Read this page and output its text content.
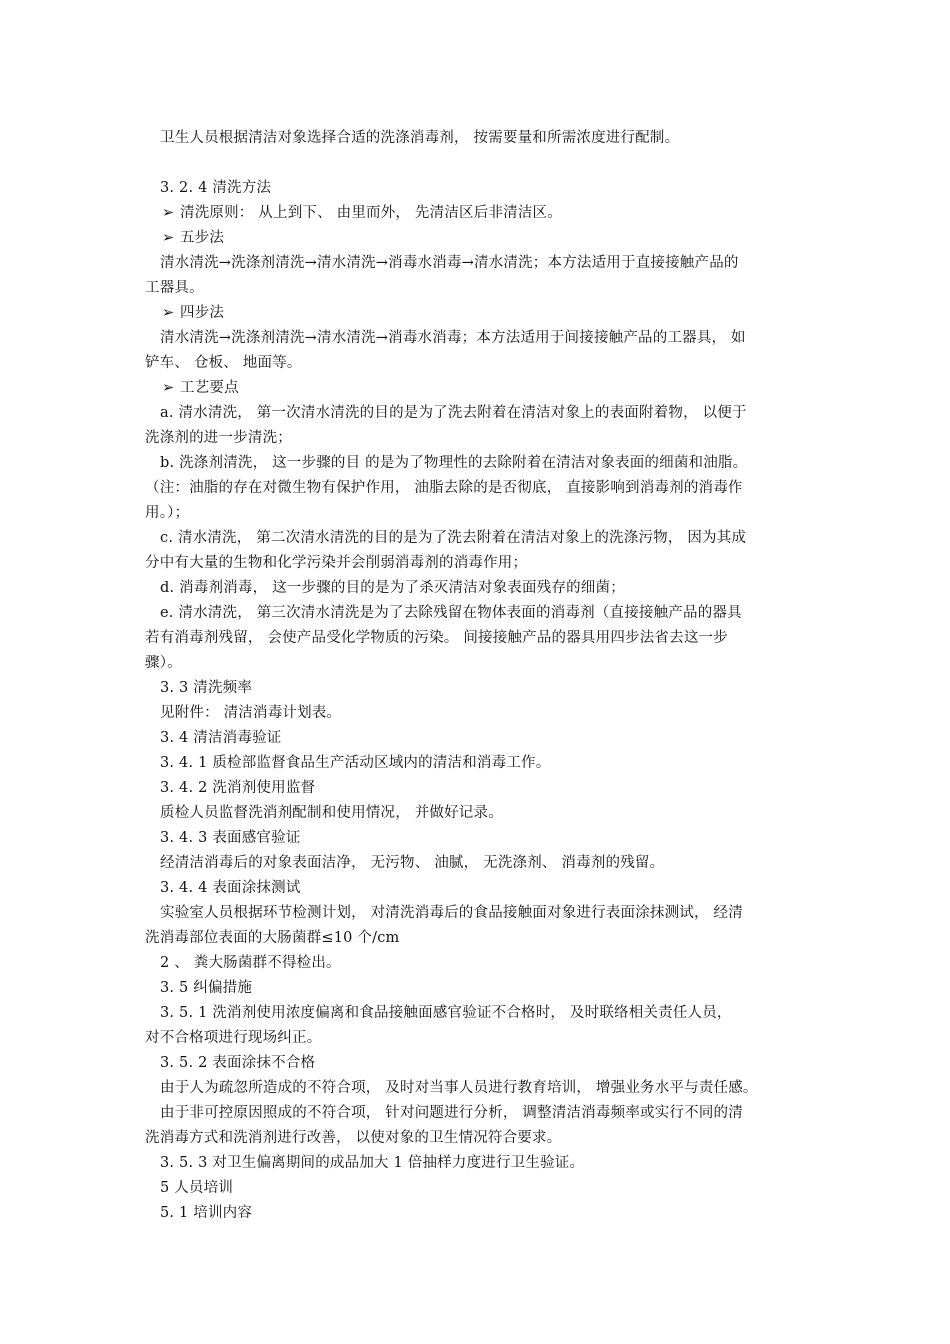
卫生人员根据清洁对象选择合适的洗涤消毒剂， 按需要量和所需浓度进行配制。
3. 2. 4 清洗方法
➢ 清洗原则： 从上到下、 由里而外， 先清洁区后非清洁区。
➢ 五步法
清水清洗→洗涤剂清洗→清水清洗→消毒水消毒→清水清洗；本方法适用于直接接触产品的
工器具。
➢ 四步法
清水清洗→洗涤剂清洗→清水清洗→消毒水消毒；本方法适用于间接接触产品的工器具， 如
铲车、 仓板、 地面等。
➢ 工艺要点
a. 清水清洗， 第一次清水清洗的目的是为了洗去附着在清洁对象上的表面附着物， 以便于
洗涤剂的进一步清洗；
b. 洗涤剂清洗， 这一步骤的目 的是为了物理性的去除附着在清洁对象表面的细菌和油脂。
（注：油脂的存在对微生物有保护作用， 油脂去除的是否彻底， 直接影响到消毒剂的消毒作
用。）；
c. 清水清洗， 第二次清水清洗的目的是为了洗去附着在清洁对象上的洗涤污物， 因为其成
分中有大量的生物和化学污染并会削弱消毒剂的消毒作用；
d. 消毒剂消毒， 这一步骤的目的是为了杀灭清洁对象表面残存的细菌；
e. 清水清洗， 第三次清水清洗是为了去除残留在物体表面的消毒剂（直接接触产品的器具
若有消毒剂残留， 会使产品受化学物质的污染。 间接接触产品的器具用四步法省去这一步
骤）。
3. 3 清洗频率
见附件： 清洁消毒计划表。
3. 4 清洁消毒验证
3. 4. 1 质检部监督食品生产活动区域内的清洁和消毒工作。
3. 4. 2 洗消剂使用监督
质检人员监督洗消剂配制和使用情况， 并做好记录。
3. 4. 3 表面感官验证
经清洁消毒后的对象表面洁净， 无污物、 油腻， 无洗涤剂、 消毒剂的残留。
3. 4. 4 表面涂抹测试
实验室人员根据环节检测计划， 对清洗消毒后的食品接触面对象进行表面涂抹测试， 经清
洗消毒部位表面的大肠菌群≤10 个/cm
2 、 粪大肠菌群不得检出。
3. 5 纠偏措施
3. 5. 1 洗消剂使用浓度偏离和食品接触面感官验证不合格时， 及时联络相关责任人员，
对不合格项进行现场纠正。
3. 5. 2 表面涂抹不合格
由于人为疏忽所造成的不符合项， 及时对当事人员进行教育培训， 增强业务水平与责任感。
由于非可控原因照成的不符合项， 针对问题进行分析， 调整清洁消毒频率或实行不同的清
洗消毒方式和洗消剂进行改善， 以使对象的卫生情况符合要求。
3. 5. 3 对卫生偏离期间的成品加大 1 倍抽样力度进行卫生验证。
5 人员培训
5. 1 培训内容
